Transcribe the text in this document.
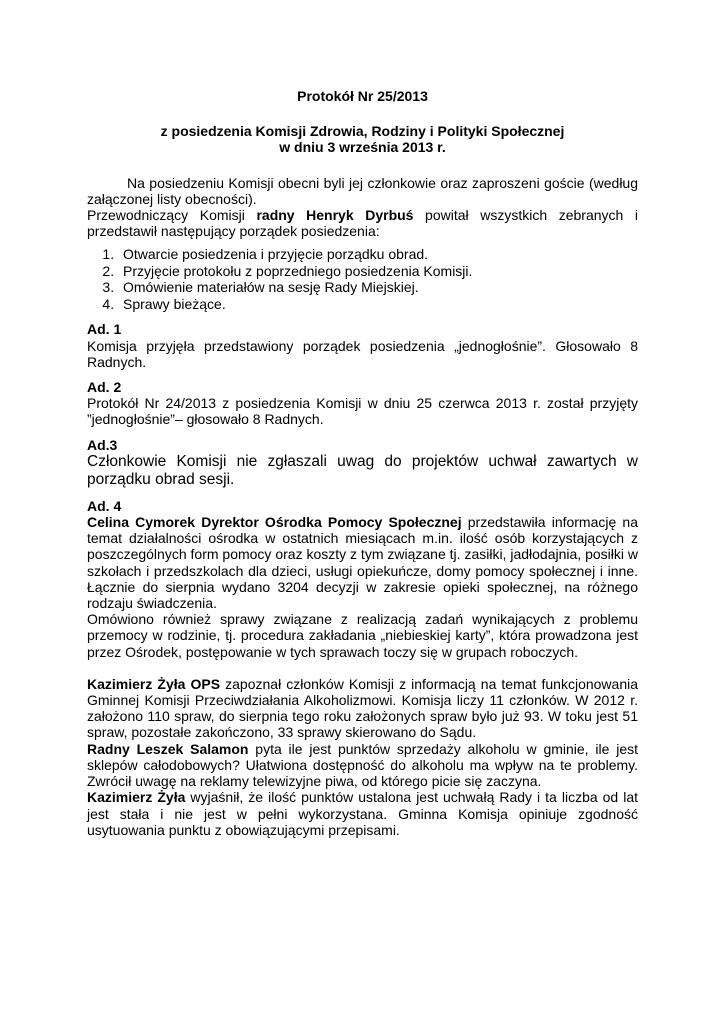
Protokół Nr 25/2013
z posiedzenia Komisji Zdrowia, Rodziny i Polityki Społecznej
w dniu 3 września 2013 r.

Na posiedzeniu Komisji obecni byli jej członkowie oraz zaproszeni goście (według załączonej listy obecności).

Przewodniczący Komisji radny Henryk Dyrbuś powitał wszystkich zebranych i przedstawił następujący porządek posiedzenia:

1. Otwarcie posiedzenia i przyjęcie porządku obrad.
2. Przyjęcie protokołu z poprzedniego posiedzenia Komisji.
3. Omówienie materiałów na sesję Rady Miejskiej.
4. Sprawy bieżące.
Ad. 1

Komisja przyjęła przedstawiony porządek posiedzenia „jednogłośnie”. Głosowało 8 Radnych.

Ad. 2

Protokół Nr 24/2013 z posiedzenia Komisji w dniu 25 czerwca 2013 r. został przyjęty ”jednogłośnie”– głosowało 8 Radnych.

Ad.3

Członkowie Komisji nie zgłaszali uwag do projektów uchwał zawartych w porządku obrad sesji.

Ad. 4

Celina Cymorek Dyrektor Ośrodka Pomocy Społecznej przedstawiła informację na temat działalności ośrodka w ostatnich miesiącach m.in. ilość osób korzystających z poszczególnych form pomocy oraz koszty z tym związane tj. zasiłki, jadłodajnia, posiłki w szkołach i przedszkolach dla dzieci, usługi opiekuńcze, domy pomocy społecznej i inne. Łącznie do sierpnia wydano 3204 decyzji w zakresie opieki społecznej, na różnego rodzaju świadczenia.

Omówiono również sprawy związane z realizacją zadań wynikających z problemu przemocy w rodzinie, tj. procedura zakładania „niebieskiej karty”, która prowadzona jest przez Ośrodek, postępowanie w tych sprawach toczy się w grupach roboczych.

Kazimierz Żyła OPS zapoznał członków Komisji z informacją na temat funkcjonowania Gminnej Komisji Przeciwdziałania Alkoholizmowi. Komisja liczy 11 członków. W 2012 r. założono 110 spraw, do sierpnia tego roku założonych spraw było już 93. W toku jest 51 spraw, pozostałe zakończono, 33 sprawy skierowano do Sądu.

Radny Leszek Salamon pyta ile jest punktów sprzedaży alkoholu w gminie, ile jest sklepów całodobowych? Ułatwiona dostępność do alkoholu ma wpływ na te problemy. Zwrócił uwagę na reklamy telewizyjne piwa, od którego picie się zaczyna.

Kazimierz Żyła wyjaśnił, że ilość punktów ustalona jest uchwałą Rady i ta liczba od lat jest stała i nie jest w pełni wykorzystana. Gminna Komisja opiniuje zgodność usytuowania punktu z obowiązującymi przepisami.
